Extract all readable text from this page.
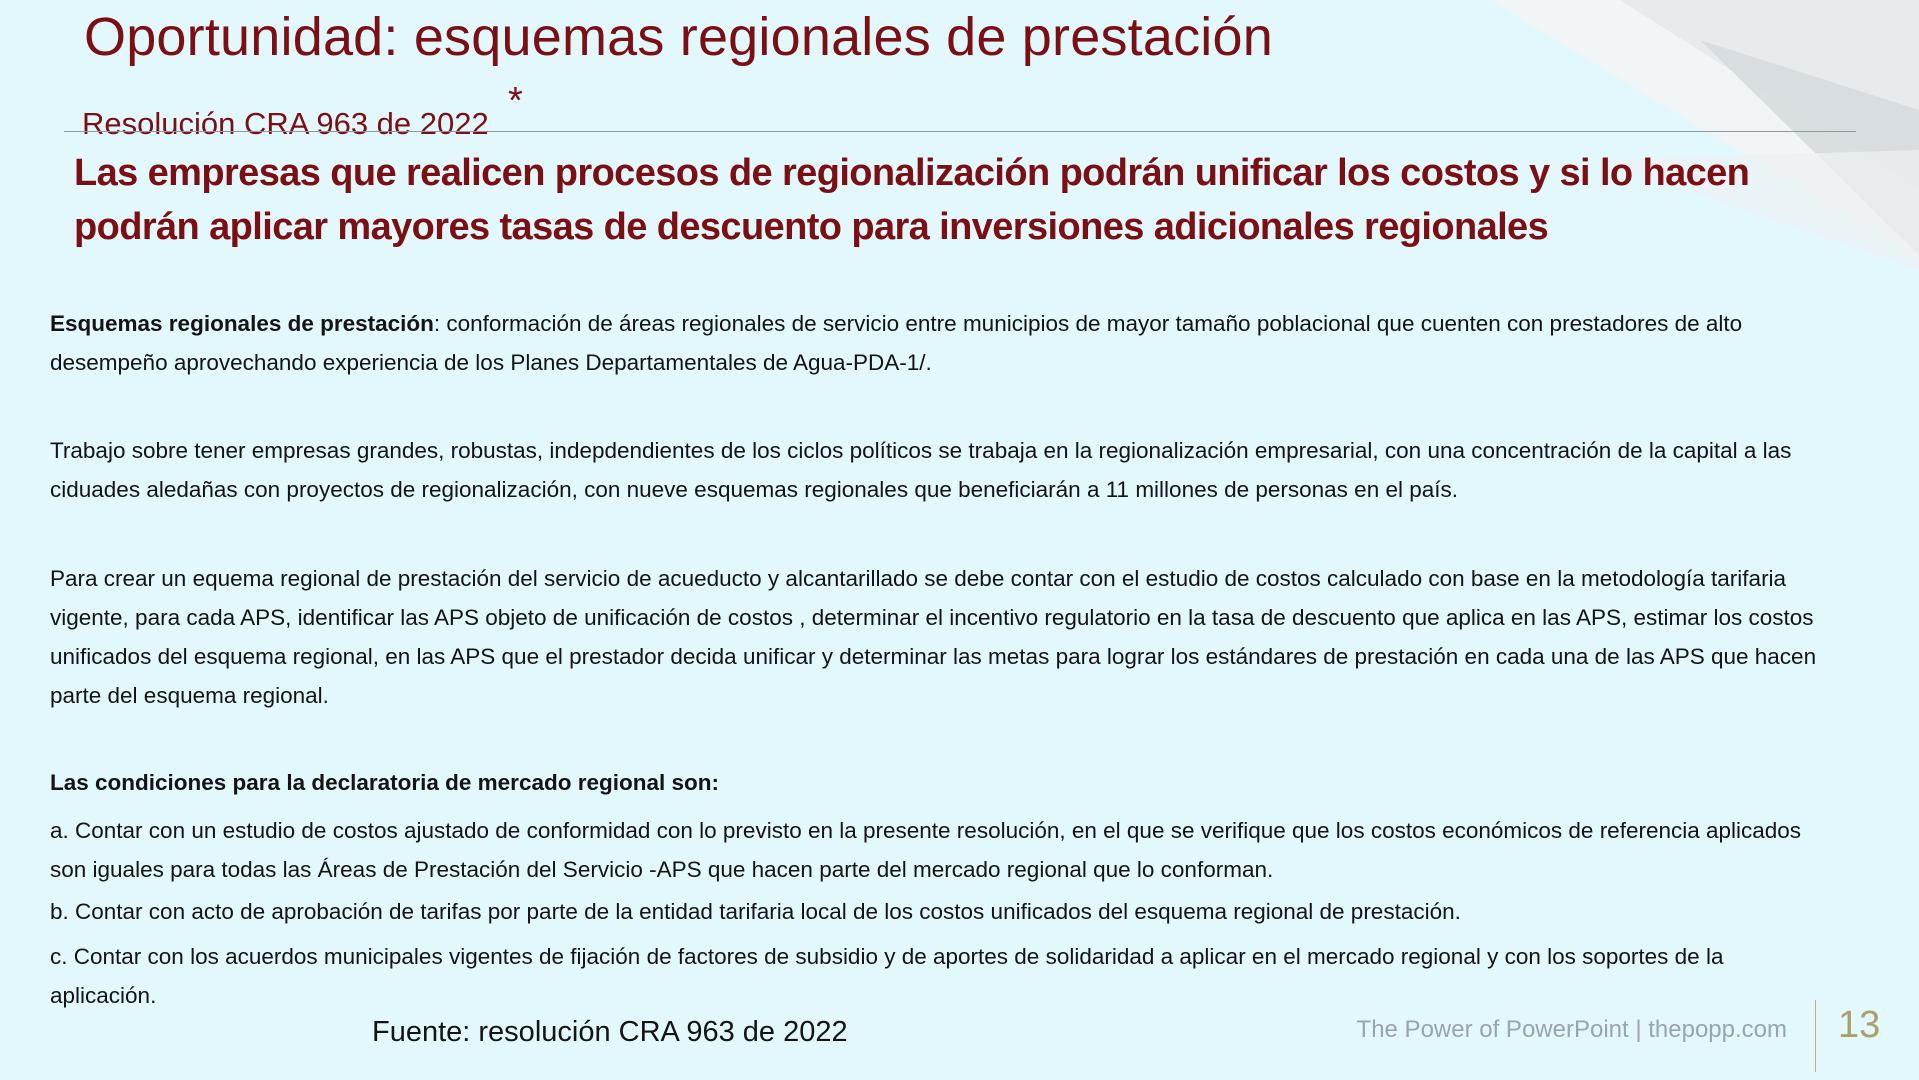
Oportunidad: esquemas regionales de prestación
Resolución CRA 963 de 2022
*
Las empresas que realicen procesos de regionalización podrán unificar los costos y si lo hacen podrán aplicar mayores tasas de descuento para inversiones adicionales regionales
Esquemas regionales de prestación: conformación de áreas regionales de servicio entre municipios de mayor tamaño poblacional que cuenten con prestadores de alto desempeño aprovechando experiencia de los Planes Departamentales de Agua-PDA-1/.
Trabajo sobre tener empresas grandes, robustas, indepdendientes de los ciclos políticos se trabaja en la regionalización empresarial, con una concentración de la capital a las ciduades aledañas con proyectos de regionalización, con nueve esquemas regionales que beneficiarán a 11 millones de personas en el país.
Para crear un equema regional de prestación del servicio de acueducto y alcantarillado se debe contar con el estudio de costos calculado con base en la metodología tarifaria vigente, para cada APS, identificar las APS objeto de unificación de costos , determinar el incentivo regulatorio en la tasa de descuento que aplica en las APS, estimar los costos unificados del esquema regional, en las APS que el prestador decida unificar y determinar las metas para lograr los estándares de prestación en cada una de las APS que hacen parte del esquema regional.
Las condiciones para la declaratoria de mercado regional son:
a. Contar con un estudio de costos ajustado de conformidad con lo previsto en la presente resolución, en el que se verifique que los costos económicos de referencia aplicados son iguales para todas las Áreas de Prestación del Servicio -APS que hacen parte del mercado regional que lo conforman.
b. Contar con acto de aprobación de tarifas por parte de la entidad tarifaria local de los costos unificados del esquema regional de prestación.
c. Contar con los acuerdos municipales vigentes de fijación de factores de subsidio y de aportes de solidaridad a aplicar en el mercado regional y con los soportes de la aplicación.
Fuente: resolución CRA 963 de 2022	The Power of PowerPoint | thepopp.com 13
